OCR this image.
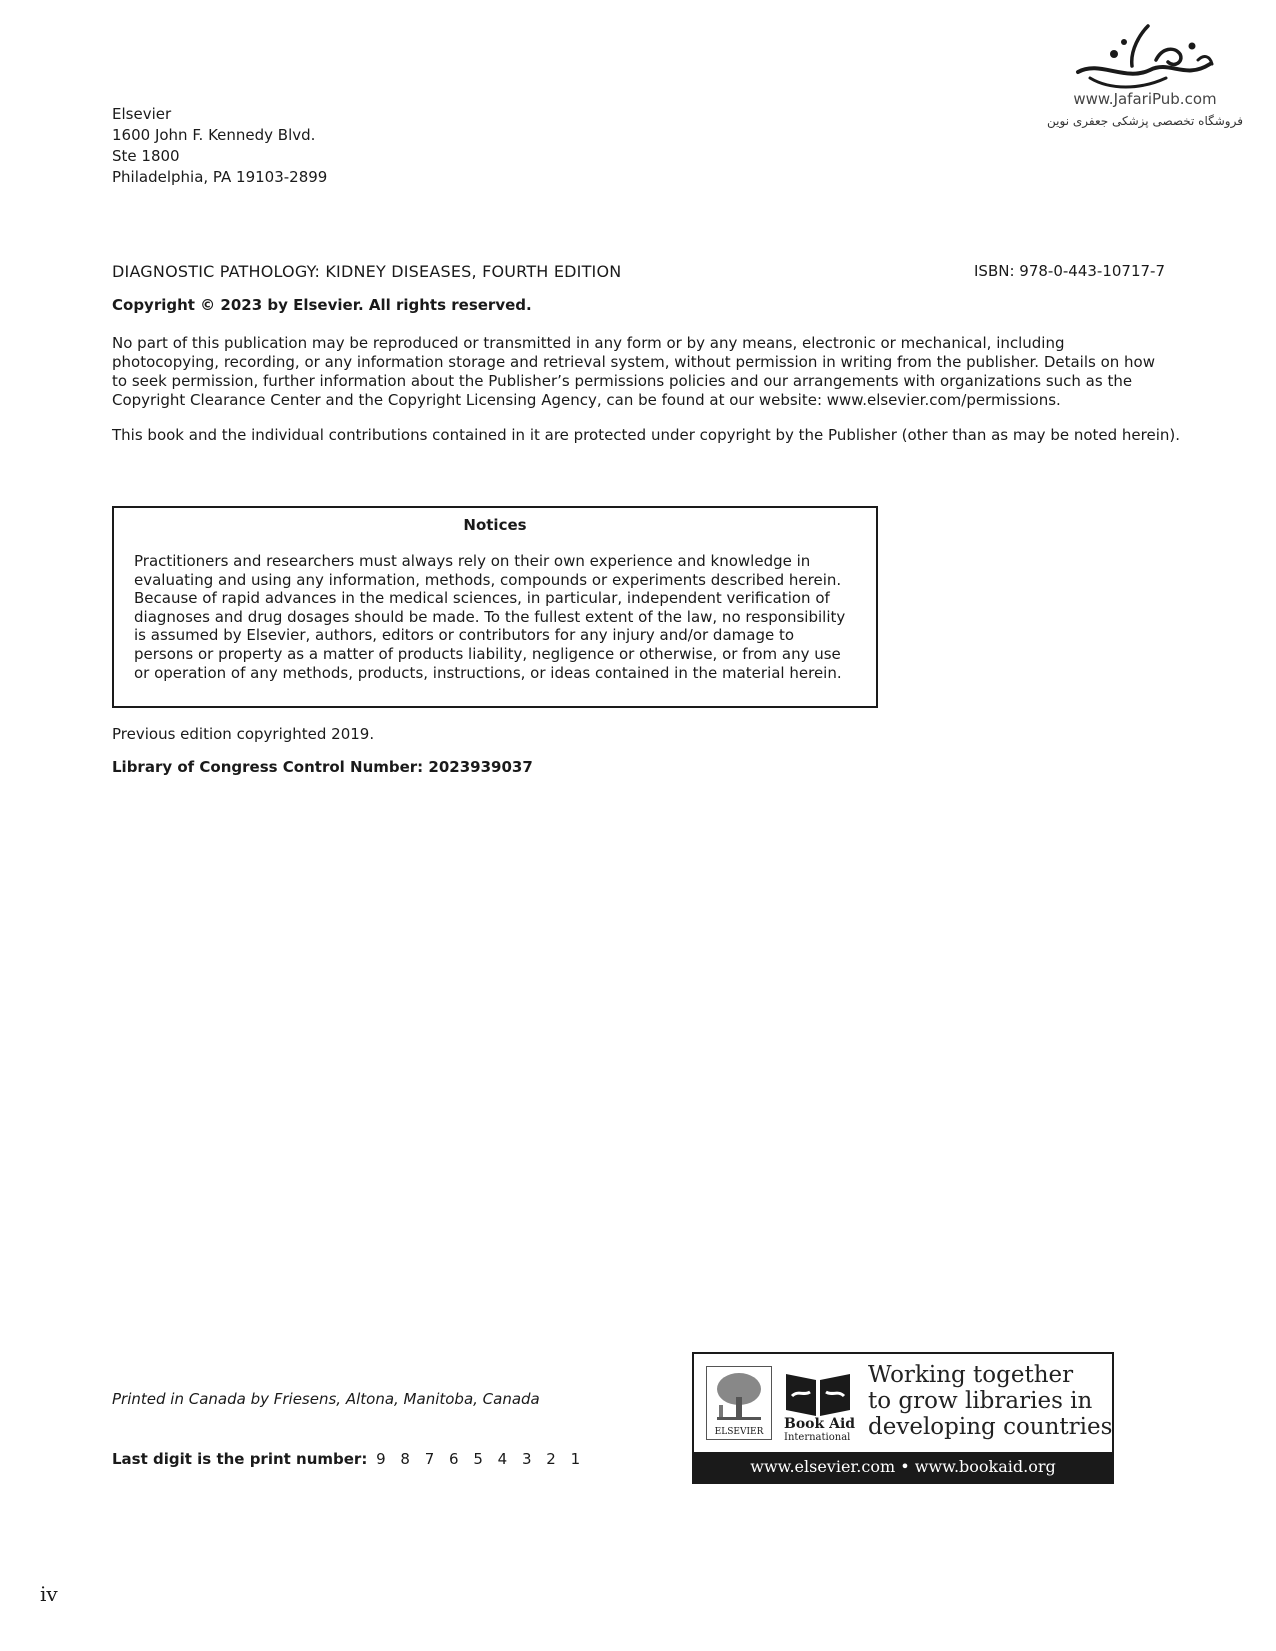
Elsevier
1600 John F. Kennedy Blvd.
Ste 1800
Philadelphia, PA 19103-2899
www.JafariPub.com
فروشگاه تخصصی پزشکی جعفری نوین
DIAGNOSTIC PATHOLOGY: KIDNEY DISEASES, FOURTH EDITION	ISBN: 978-0-443-10717-7
Copyright © 2023 by Elsevier. All rights reserved.
No part of this publication may be reproduced or transmitted in any form or by any means, electronic or mechanical, including photocopying, recording, or any information storage and retrieval system, without permission in writing from the publisher. Details on how to seek permission, further information about the Publisher’s permissions policies and our arrangements with organizations such as the Copyright Clearance Center and the Copyright Licensing Agency, can be found at our website: www.elsevier.com/permissions.
This book and the individual contributions contained in it are protected under copyright by the Publisher (other than as may be noted herein).
Notices
Practitioners and researchers must always rely on their own experience and knowledge in evaluating and using any information, methods, compounds or experiments described herein. Because of rapid advances in the medical sciences, in particular, independent verification of diagnoses and drug dosages should be made. To the fullest extent of the law, no responsibility is assumed by Elsevier, authors, editors or contributors for any injury and/or damage to persons or property as a matter of products liability, negligence or otherwise, or from any use or operation of any methods, products, instructions, or ideas contained in the material herein.
Previous edition copyrighted 2019.
Library of Congress Control Number: 2023939037
Printed in Canada by Friesens, Altona, Manitoba, Canada
Last digit is the print number: 9 8 7 6 5 4 3 2 1
ELSEVIER	Book Aid
International
Working together
to grow libraries in
developing countries
www.elsevier.com • www.bookaid.org
iv
